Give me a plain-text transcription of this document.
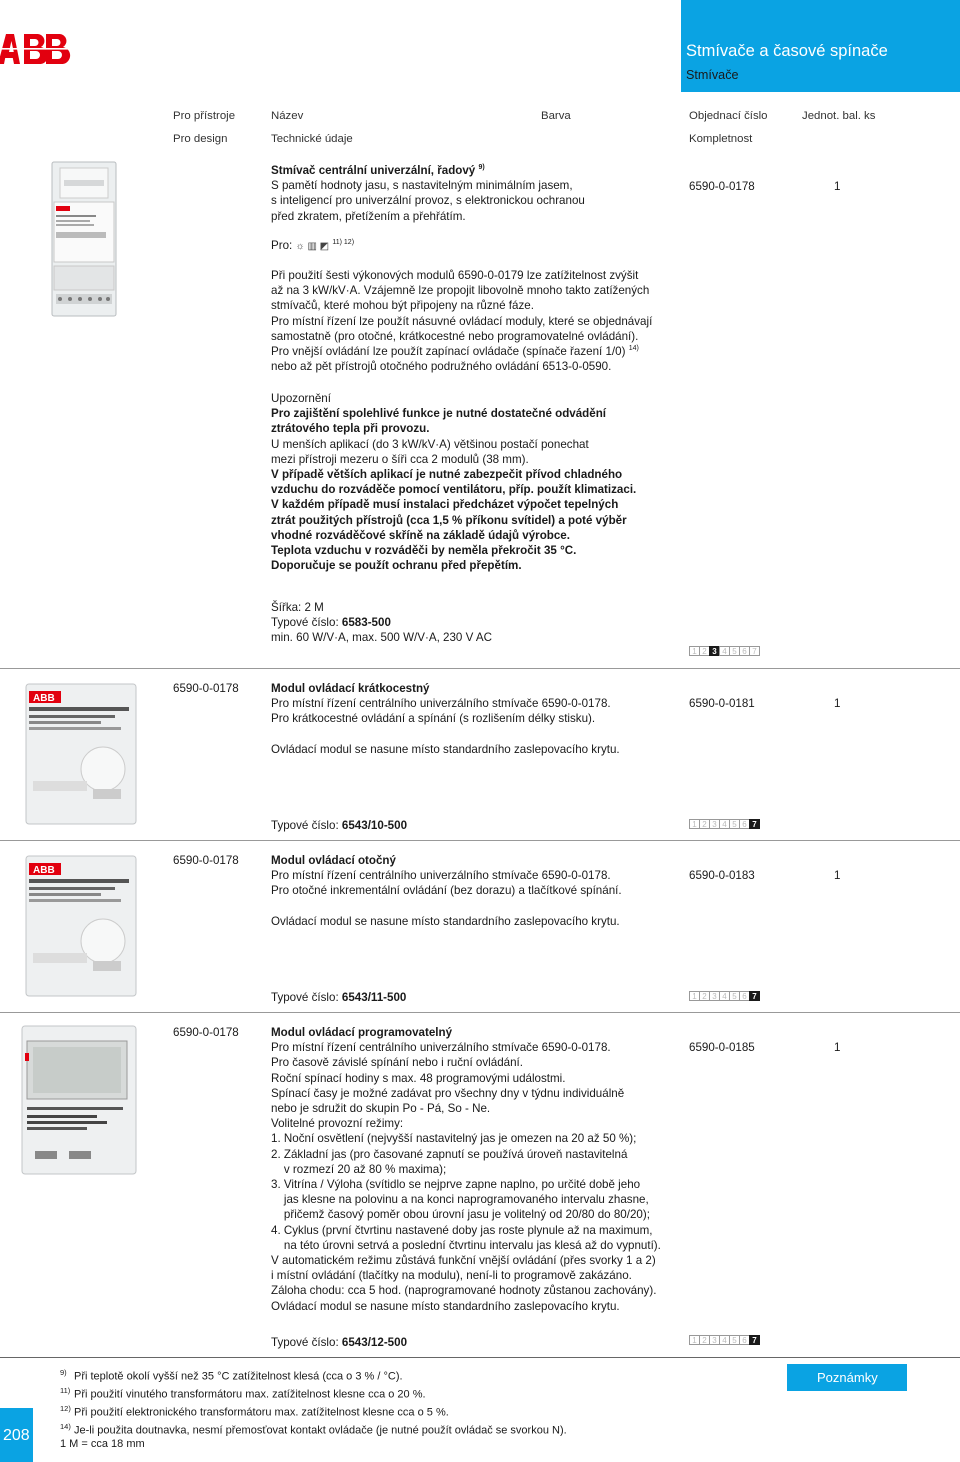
Stmívače a časové spínače
Stmívače
Pro přístroje	Název	Barva	Objednací číslo	Jednot. bal. ks
Pro design	Technické údaje	Kompletnost
Stmívač centrální univerzální, řadový $^{9)}$
S pamětí hodnoty jasu, s nastavitelným minimálním jasem,
s inteligencí pro univerzální provoz, s elektronickou ochranou
před zkratem, přetížením a přehřátím.
6590-0-0178	1
Pro: ☼ ▥ ◩ $^{11) 12)}$
Při použití šesti výkonových modulů 6590-0-0179 lze zatížitelnost zvýšit
až na 3 kW/kV·A. Vzájemně lze propojit libovolně mnoho takto zatížených
stmívačů, které mohou být připojeny na různé fáze.
Pro místní řízení lze použít násuvné ovládací moduly, které se objednávají
samostatně (pro otočné, krátkocestné nebo programovatelné ovládání).
Pro vnější ovládání lze použít zapínací ovládače (spínače řazení 1/0) $^{14)}$
nebo až pět přístrojů otočného podružného ovládání 6513-0-0590.
Upozornění
Pro zajištění spolehlivé funkce je nutné dostatečné odvádění
ztrátového tepla při provozu.
U menších aplikací (do 3 kW/kV·A) většinou postačí ponechat
mezi přístroji mezeru o šíři cca 2 modulů (38 mm).
V případě větších aplikací je nutné zabezpečit přívod chladného
vzduchu do rozváděče pomocí ventilátoru, příp. použít klimatizaci.
V každém případě musí instalaci předcházet výpočet tepelných
ztrát použitých přístrojů (cca 1,5 % příkonu svítidel) a poté výběr
vhodné rozváděčové skříně na základě údajů výrobce.
Teplota vzduchu v rozváděči by neměla překročit 35 °C.
Doporučuje se použít ochranu před přepětím.
Šířka: 2 M
Typové číslo: 6583-500
min. 60 W/V·A, max. 500 W/V·A, 230 V AC
1 2 3 4 5 6 7
ABB
6590-0-0178	Modul ovládací krátkocestný
Pro místní řízení centrálního univerzálního stmívače 6590-0-0178.
Pro krátkocestné ovládání a spínání (s rozlišením délky stisku).
Ovládací modul se nasune místo standardního zaslepovacího krytu.
6590-0-0181	1
Typové číslo: 6543/10-500	1 2 3 4 5 6 7
ABB
6590-0-0178	Modul ovládací otočný
Pro místní řízení centrálního univerzálního stmívače 6590-0-0178.
Pro otočné inkrementální ovládání (bez dorazu) a tlačítkové spínání.
Ovládací modul se nasune místo standardního zaslepovacího krytu.
6590-0-0183	1
Typové číslo: 6543/11-500	1 2 3 4 5 6 7
6590-0-0178	Modul ovládací programovatelný
Pro místní řízení centrálního univerzálního stmívače 6590-0-0178.
Pro časově závislé spínání nebo i ruční ovládání.
Roční spínací hodiny s max. 48 programovými událostmi.
Spínací časy je možné zadávat pro všechny dny v týdnu individuálně
nebo je sdružit do skupin Po - Pá, So - Ne.
Volitelné provozní režimy:
1. Noční osvětlení (nejvyšší nastavitelný jas je omezen na 20 až 50 %);
2. Základní jas (pro časované zapnutí se používá úroveň nastavitelná
v rozmezí 20 až 80 % maxima);
3. Vitrína / Výloha (svítidlo se nejprve zapne naplno, po určité době jeho
jas klesne na polovinu a na konci naprogramovaného intervalu zhasne,
přičemž časový poměr obou úrovní jasu je volitelný od 20/80 do 80/20);
4. Cyklus (první čtvrtinu nastavené doby jas roste plynule až na maximum,
na této úrovni setrvá a poslední čtvrtinu intervalu jas klesá až do vypnutí).
V automatickém režimu zůstává funkční vnější ovládání (přes svorky 1 a 2)
i místní ovládání (tlačítky na modulu), není-li to programově zakázáno.
Záloha chodu: cca 5 hod. (naprogramované hodnoty zůstanou zachovány).
Ovládací modul se nasune místo standardního zaslepovacího krytu.
6590-0-0185	1
Typové číslo: 6543/12-500	1 2 3 4 5 6 7
9) Při teplotě okolí vyšší než 35 °C zatížitelnost klesá (cca o 3 % / °C).
11) Při použití vinutého transformátoru max. zatížitelnost klesne cca o 20 %.
12) Při použití elektronického transformátoru max. zatížitelnost klesne cca o 5 %.
14) Je-li použita doutnavka, nesmí přemosťovat kontakt ovládače (je nutné použít ovládač se svorkou N).
1 M = cca 18 mm
Poznámky
208
